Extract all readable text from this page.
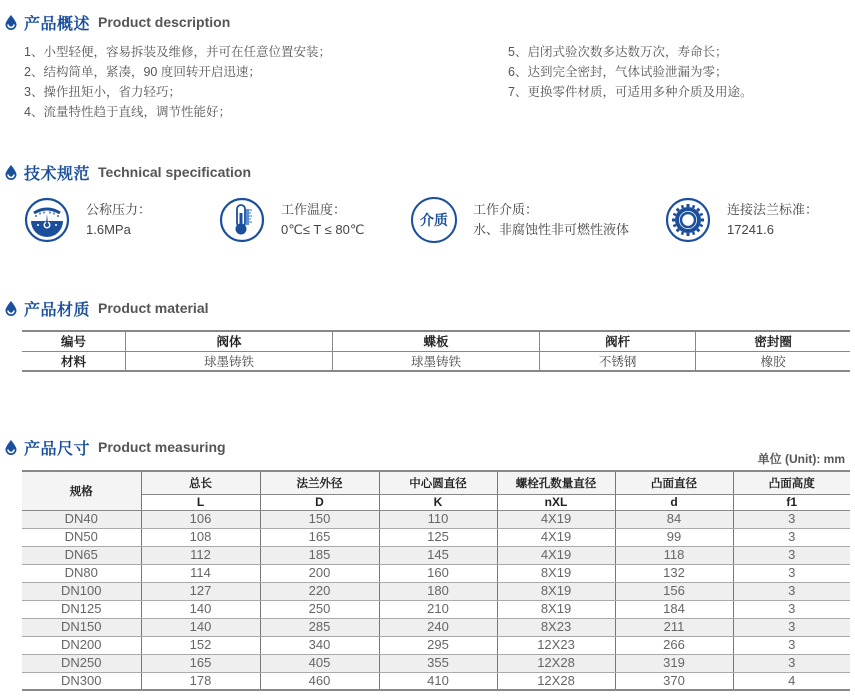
产品概述 Product description
1、小型轻便，容易拆装及维修，并可在任意位置安装；
2、结构简单，紧凑，90 度回转开启迅速；
3、操作扭矩小，省力轻巧；
4、流量特性趋于直线，调节性能好；
5、启闭式验次数多达数万次，寿命长；
6、达到完全密封，气体试验泄漏为零；
7、更换零件材质，可适用多种介质及用途。
技术规范 Technical specification
公称压力：
1.6MPa
工作温度：
0℃≤ T ≤ 80℃
介质
工作介质：
水、非腐蚀性非可燃性液体
连接法兰标准：
17241.6
产品材质 Product material
编号	阀体	蝶板	阀杆	密封圈
材料	球墨铸铁	球墨铸铁	不锈钢	橡胶
产品尺寸 Product measuring
单位 (Unit): mm
规格	总长	法兰外径	中心圆直径	螺栓孔数量直径	凸面直径	凸面高度
	L	D	K	nXL	d	f1
DN40	106	150	110	4X19	84	3
DN50	108	165	125	4X19	99	3
DN65	112	185	145	4X19	118	3
DN80	114	200	160	8X19	132	3
DN100	127	220	180	8X19	156	3
DN125	140	250	210	8X19	184	3
DN150	140	285	240	8X23	211	3
DN200	152	340	295	12X23	266	3
DN250	165	405	355	12X28	319	3
DN300	178	460	410	12X28	370	4
